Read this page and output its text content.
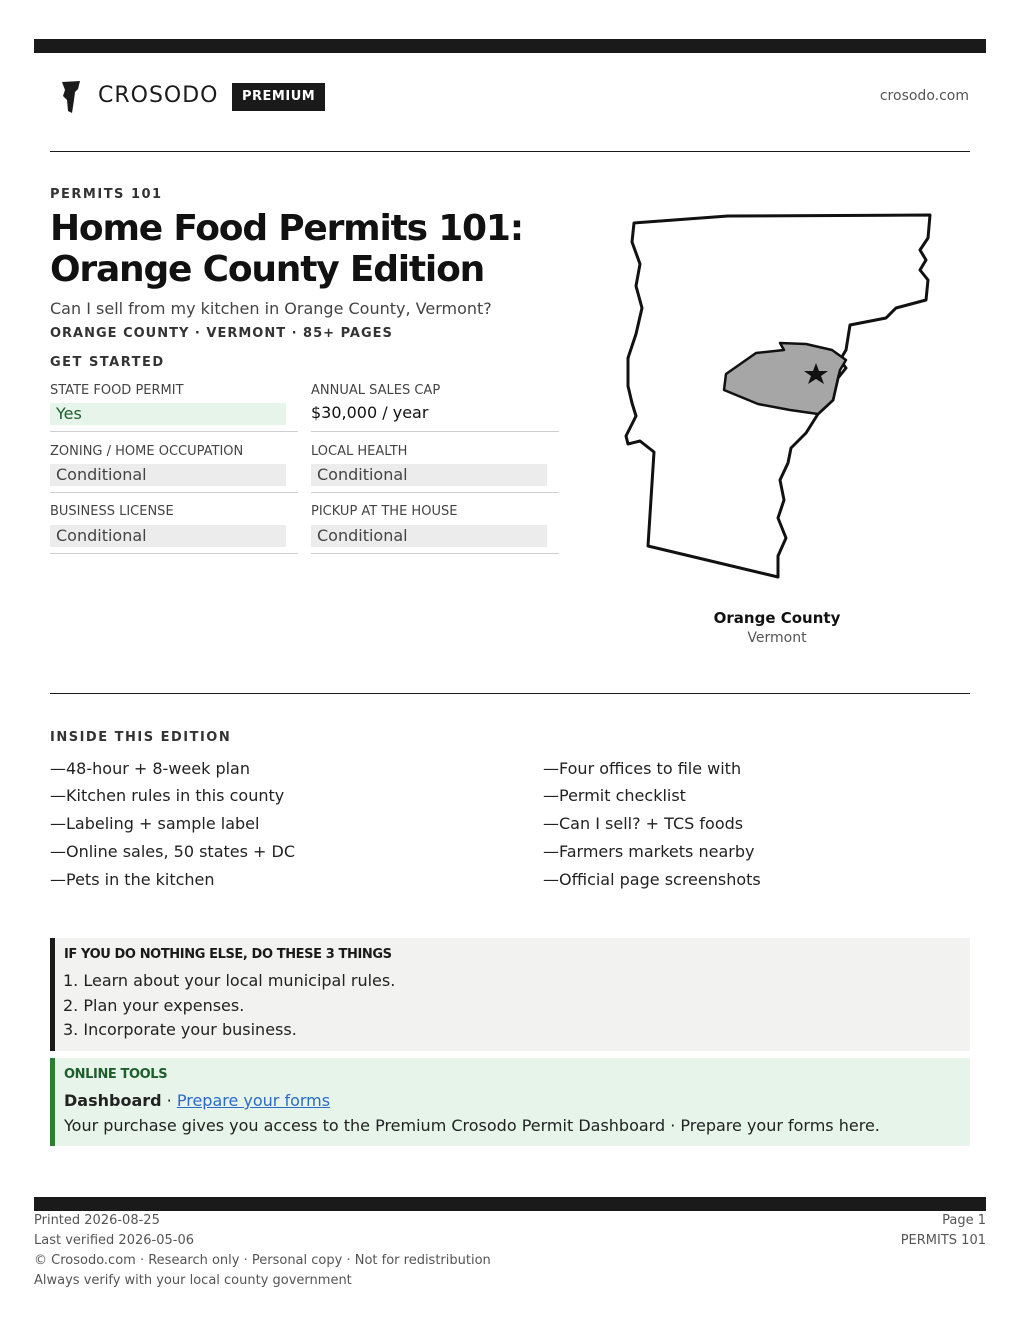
CROSODO	PREMIUM	crosodo.com
PERMITS 101
Home Food Permits 101: Orange County Edition
Can I sell from my kitchen in Orange County, Vermont?
ORANGE COUNTY · VERMONT · 85+ PAGES
GET STARTED
STATE FOOD PERMIT
Yes
ANNUAL SALES CAP
$30,000 / year
ZONING / HOME OCCUPATION
Conditional
LOCAL HEALTH
Conditional
BUSINESS LICENSE
Conditional
PICKUP AT THE HOUSE
Conditional
Orange County
Vermont
INSIDE THIS EDITION
—48-hour + 8-week plan
—Kitchen rules in this county
—Labeling + sample label
—Online sales, 50 states + DC
—Pets in the kitchen
—Four offices to file with
—Permit checklist
—Can I sell? + TCS foods
—Farmers markets nearby
—Official page screenshots
IF YOU DO NOTHING ELSE, DO THESE 3 THINGS
1. Learn about your local municipal rules.
2. Plan your expenses.
3. Incorporate your business.
ONLINE TOOLS
Dashboard · Prepare your forms
Your purchase gives you access to the Premium Crosodo Permit Dashboard · Prepare your forms here.
Printed 2026-08-25
Last verified 2026-05-06
© Crosodo.com · Research only · Personal copy · Not for redistribution
Always verify with your local county government
Page 1
PERMITS 101
